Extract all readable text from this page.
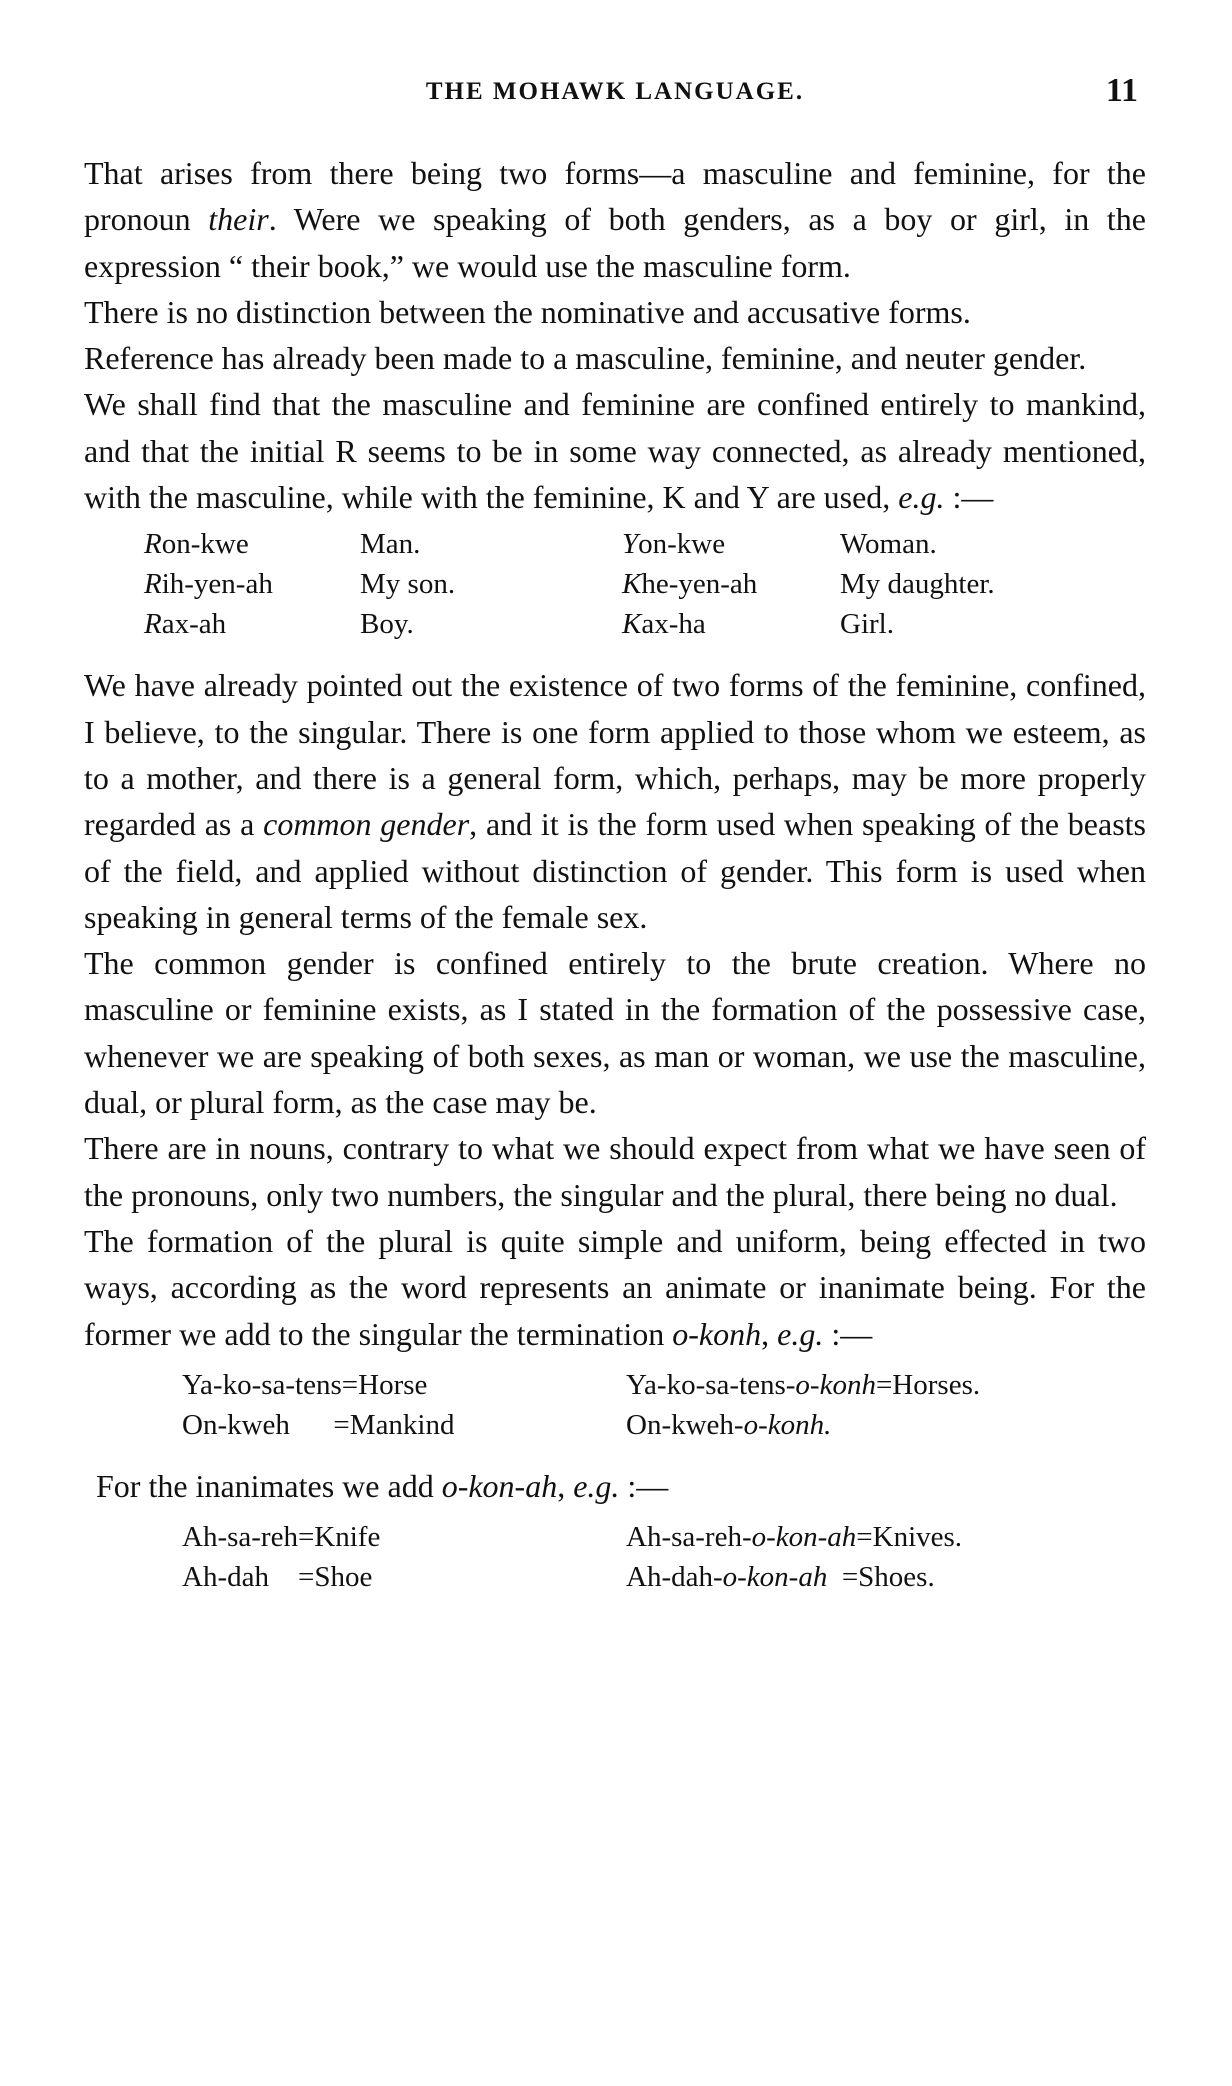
THE MOHAWK LANGUAGE.	11

That arises from there being two forms—a masculine and feminine, for the pronoun their. Were we speaking of both genders, as a boy or girl, in the expression “ their book,” we would use the masculine form.

There is no distinction between the nominative and accusative forms.

Reference has already been made to a masculine, feminine, and neuter gender.

We shall find that the masculine and feminine are confined entirely to mankind, and that the initial R seems to be in some way connected, as already mentioned, with the masculine, while with the feminine, K and Y are used, e.g. :—

Ron-kwe	Man.	Yon-kwe	Woman.
Rih-yen-ah	My son.	Khe-yen-ah	My daughter.
Rax-ah	Boy.	Kax-ha	Girl.

We have already pointed out the existence of two forms of the feminine, confined, I believe, to the singular. There is one form applied to those whom we esteem, as to a mother, and there is a general form, which, perhaps, may be more properly regarded as a common gender, and it is the form used when speaking of the beasts of the field, and applied without distinction of gender. This form is used when speaking in general terms of the female sex.

The common gender is confined entirely to the brute creation. Where no masculine or feminine exists, as I stated in the formation of the possessive case, whenever we are speaking of both sexes, as man or woman, we use the masculine, dual, or plural form, as the case may be.

There are in nouns, contrary to what we should expect from what we have seen of the pronouns, only two numbers, the singular and the plural, there being no dual.

The formation of the plural is quite simple and uniform, being effected in two ways, according as the word represents an animate or inanimate being. For the former we add to the singular the termination o-konh, e.g. :—

Ya-ko-sa-tens=Horse	Ya-ko-sa-tens-o-konh=Horses.
On-kweh =Mankind	On-kweh-o-konh.

For the inanimates we add o-kon-ah, e.g. :—

Ah-sa-reh=Knife	Ah-sa-reh-o-kon-ah=Knives.
Ah-dah =Shoe	Ah-dah-o-kon-ah =Shoes.
